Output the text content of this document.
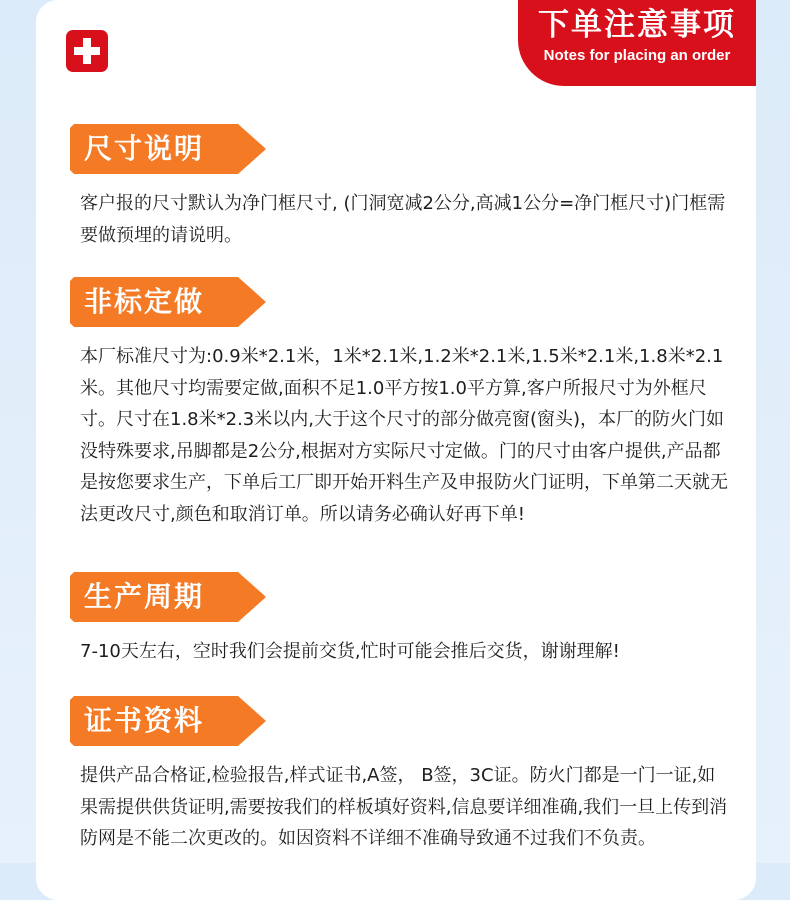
下单注意事项
Notes for placing an order
尺寸说明

客户报的尺寸默认为净门框尺寸, (门洞宽减2公分,高减1公分=净门框尺寸)门框需要做预埋的请说明。

非标定做

本厂标准尺寸为:0.9米*2.1米，1米*2.1米,1.2米*2.1米,1.5米*2.1米,1.8米*2.1米。其他尺寸均需要定做,面积不足1.0平方按1.0平方算,客户所报尺寸为外框尺寸。尺寸在1.8米*2.3米以内,大于这个尺寸的部分做亮窗(窗头)，本厂的防火门如没特殊要求,吊脚都是2公分,根据对方实际尺寸定做。门的尺寸由客户提供,产品都是按您要求生产，下单后工厂即开始开料生产及申报防火门证明，下单第二天就无法更改尺寸,颜色和取消订单。所以请务必确认好再下单!

生产周期

7-10天左右，空时我们会提前交货,忙时可能会推后交货，谢谢理解!

证书资料

提供产品合格证,检验报告,样式证书,A签， B签，3C证。防火门都是一门一证,如果需提供供货证明,需要按我们的样板填好资料,信息要详细准确,我们一旦上传到消防网是不能二次更改的。如因资料不详细不准确导致通不过我们不负责。
